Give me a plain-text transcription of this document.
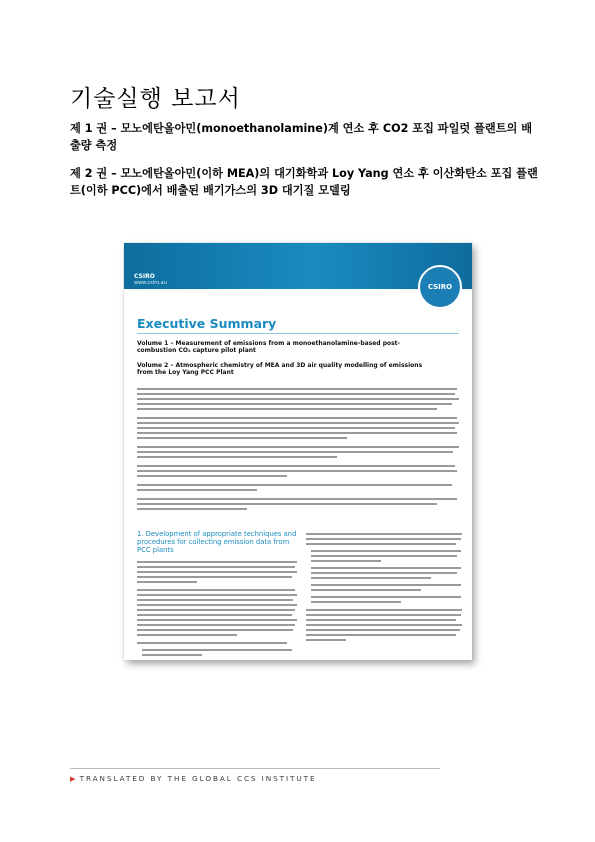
기술실행 보고서
제 1 권 – 모노에탄올아민(monoethanolamine)계 연소 후 CO2 포집 파일럿 플랜트의 배출량 측정
제 2 권 – 모노에탄올아민(이하 MEA)의 대기화학과 Loy Yang 연소 후 이산화탄소 포집 플랜트(이하 PCC)에서 배출된 배기가스의 3D 대기질 모델링
CSIRO
www.csiro.au	CSIRO
Executive Summary
Volume 1 – Measurement of emissions from a monoethanolamine-based post-combustion CO₂ capture pilot plant
Volume 2 – Atmospheric chemistry of MEA and 3D air quality modelling of emissions from the Loy Yang PCC Plant
1. Development of appropriate techniques and procedures for collecting emission data from PCC plants
▶ TRANSLATED BY THE GLOBAL CCS INSTITUTE
